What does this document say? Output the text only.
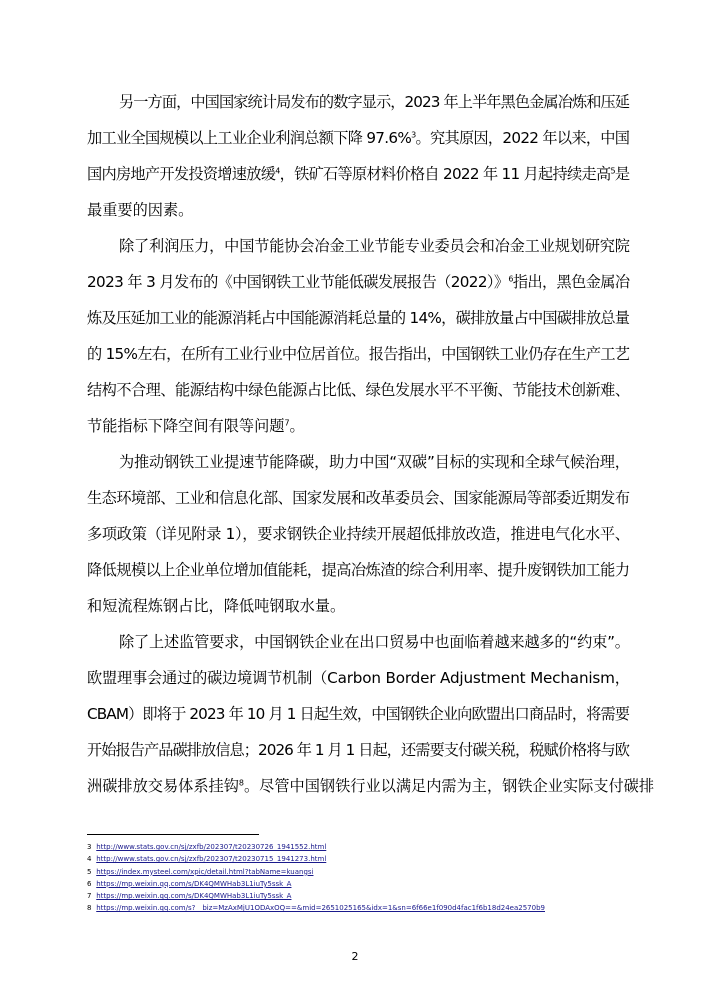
另一方面，中国国家统计局发布的数字显示，2023 年上半年黑色金属冶炼和压延
加工业全国规模以上工业企业利润总额下降 97.6%$^3$。究其原因，2022 年以来，中国
国内房地产开发投资增速放缓$^4$，铁矿石等原材料价格自 2022 年 11 月起持续走高$^5$是
最重要的因素。
除了利润压力，中国节能协会冶金工业节能专业委员会和冶金工业规划研究院
2023 年 3 月发布的《中国钢铁工业节能低碳发展报告（2022）》$^6$指出，黑色金属冶
炼及压延加工业的能源消耗占中国能源消耗总量的 14%，碳排放量占中国碳排放总量
的 15%左右，在所有工业行业中位居首位。报告指出，中国钢铁工业仍存在生产工艺
结构不合理、能源结构中绿色能源占比低、绿色发展水平不平衡、节能技术创新难、
节能指标下降空间有限等问题$^7$。
为推动钢铁工业提速节能降碳，助力中国“双碳”目标的实现和全球气候治理，
生态环境部、工业和信息化部、国家发展和改革委员会、国家能源局等部委近期发布
多项政策（详见附录 1），要求钢铁企业持续开展超低排放改造，推进电气化水平、
降低规模以上企业单位增加值能耗，提高冶炼渣的综合利用率、提升废钢铁加工能力
和短流程炼钢占比，降低吨钢取水量。
除了上述监管要求，中国钢铁企业在出口贸易中也面临着越来越多的“约束”。
欧盟理事会通过的碳边境调节机制（Carbon Border Adjustment Mechanism，
CBAM）即将于 2023 年 10 月 1 日起生效，中国钢铁企业向欧盟出口商品时，将需要
开始报告产品碳排放信息；2026 年 1 月 1 日起，还需要支付碳关税，税赋价格将与欧
洲碳排放交易体系挂钩$^8$。尽管中国钢铁行业以满足内需为主，钢铁企业实际支付碳排
3 http://www.stats.gov.cn/sj/zxfb/202307/t20230726_1941552.html
4 http://www.stats.gov.cn/sj/zxfb/202307/t20230715_1941273.html
5 https://index.mysteel.com/xpic/detail.html?tabName=kuangsi
6 https://mp.weixin.qq.com/s/DK4QMWHab3L1iuTy5ssk_A
7 https://mp.weixin.qq.com/s/DK4QMWHab3L1iuTy5ssk_A
8 https://mp.weixin.qq.com/s?__biz=MzAxMjU1ODAxOQ==&mid=2651025165&idx=1&sn=6f66e1f090d4fac1f6b18d24ea2570b9
2
